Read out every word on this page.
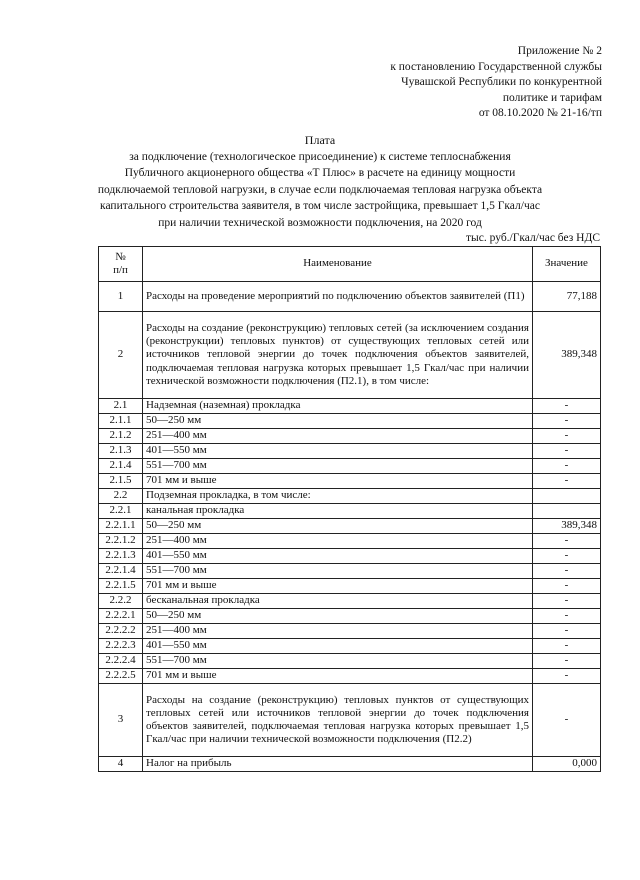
Приложение № 2
к постановлению Государственной службы
Чувашской Республики по конкурентной
политике и тарифам
от 08.10.2020 № 21-16/тп
Плата
за подключение (технологическое присоединение) к системе теплоснабжения
Публичного акционерного общества «Т Плюс» в расчете на единицу мощности
подключаемой тепловой нагрузки, в случае если подключаемая тепловая нагрузка объекта
капитального строительства заявителя, в том числе застройщика, превышает 1,5 Гкал/час
при наличии технической возможности подключения, на 2020 год
тыс. руб./Гкал/час без НДС
№
п/п	Наименование	Значение
1	Расходы на проведение мероприятий по подключению объектов заявителей (П1)	77,188
2	Расходы на создание (реконструкцию) тепловых сетей (за исключением создания (реконструкции) тепловых пунктов) от существующих тепловых сетей или источников тепловой энергии до точек подключения объектов заявителей, подключаемая тепловая нагрузка которых превышает 1,5 Гкал/час при наличии технической возможности подключения (П2.1), в том числе:	389,348
2.1	Надземная (наземная) прокладка	-
2.1.1	50—250 мм	-
2.1.2	251—400 мм	-
2.1.3	401—550 мм	-
2.1.4	551—700 мм	-
2.1.5	701 мм и выше	-
2.2	Подземная прокладка, в том числе:	
2.2.1	канальная прокладка	
2.2.1.1	50—250 мм	389,348
2.2.1.2	251—400 мм	-
2.2.1.3	401—550 мм	-
2.2.1.4	551—700 мм	-
2.2.1.5	701 мм и выше	-
2.2.2	бесканальная прокладка	-
2.2.2.1	50—250 мм	-
2.2.2.2	251—400 мм	-
2.2.2.3	401—550 мм	-
2.2.2.4	551—700 мм	-
2.2.2.5	701 мм и выше	-
3	Расходы на создание (реконструкцию) тепловых пунктов от существующих тепловых сетей или источников тепловой энергии до точек подключения объектов заявителей, подключаемая тепловая нагрузка которых превышает 1,5 Гкал/час при наличии технической возможности подключения (П2.2)	-
4	Налог на прибыль	0,000
